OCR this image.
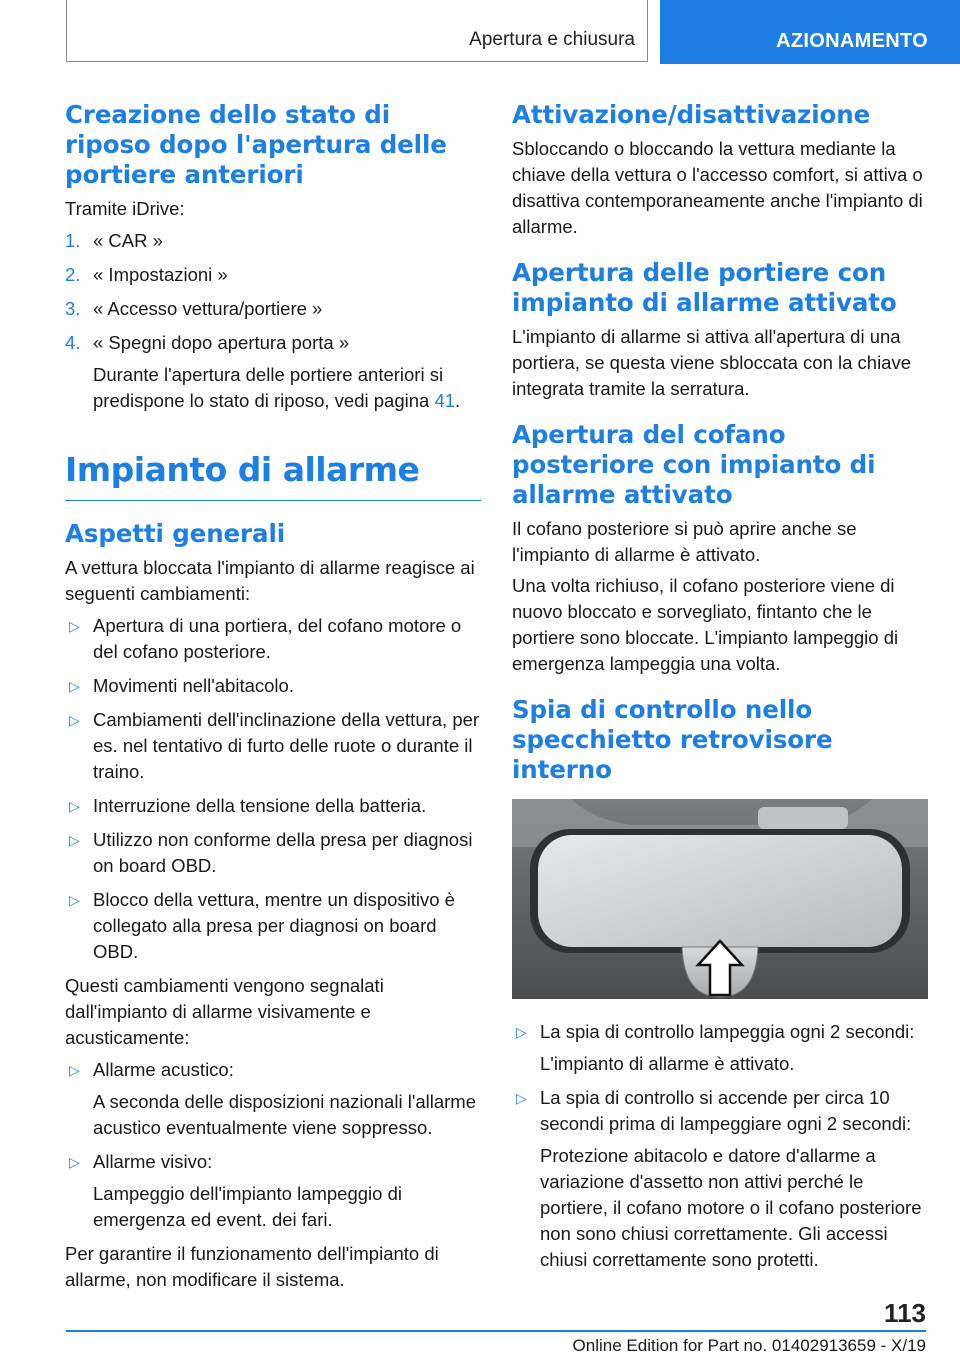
Apertura e chiusura	AZIONAMENTO
Creazione dello stato di riposo dopo l'apertura delle portiere anteriori

Tramite iDrive:

1. « CAR »
2. « Impostazioni »
3. « Accesso vettura/portiere »
4. « Spegni dopo apertura porta »
Durante l'apertura delle portiere anteriori si predispone lo stato di riposo, vedi pagina 41.
Impianto di allarme
Aspetti generali

A vettura bloccata l'impianto di allarme reagisce ai seguenti cambiamenti:

▷ Apertura di una portiera, del cofano motore o del cofano posteriore.
▷ Movimenti nell'abitacolo.
▷ Cambiamenti dell'inclinazione della vettura, per es. nel tentativo di furto delle ruote o durante il traino.
▷ Interruzione della tensione della batteria.
▷ Utilizzo non conforme della presa per diagnosi on board OBD.
▷ Blocco della vettura, mentre un dispositivo è collegato alla presa per diagnosi on board OBD.

Questi cambiamenti vengono segnalati dall'impianto di allarme visivamente e acusticamente:

▷ Allarme acustico:
A seconda delle disposizioni nazionali l'allarme acustico eventualmente viene soppresso.
▷ Allarme visivo:
Lampeggio dell'impianto lampeggio di emergenza ed event. dei fari.

Per garantire il funzionamento dell'impianto di allarme, non modificare il sistema.

Attivazione/disattivazione

Sbloccando o bloccando la vettura mediante la chiave della vettura o l'accesso comfort, si attiva o disattiva contemporaneamente anche l'impianto di allarme.

Apertura delle portiere con impianto di allarme attivato

L'impianto di allarme si attiva all'apertura di una portiera, se questa viene sbloccata con la chiave integrata tramite la serratura.

Apertura del cofano posteriore con impianto di allarme attivato

Il cofano posteriore si può aprire anche se l'impianto di allarme è attivato.

Una volta richiuso, il cofano posteriore viene di nuovo bloccato e sorvegliato, fintanto che le portiere sono bloccate. L'impianto lampeggio di emergenza lampeggia una volta.

Spia di controllo nello specchietto retrovisore interno
▷ La spia di controllo lampeggia ogni 2 secondi:
L'impianto di allarme è attivato.
▷ La spia di controllo si accende per circa 10 secondi prima di lampeggiare ogni 2 secondi:
Protezione abitacolo e datore d'allarme a variazione d'assetto non attivi perché le portiere, il cofano motore o il cofano posteriore non sono chiusi correttamente. Gli accessi chiusi correttamente sono protetti.
113
Online Edition for Part no. 01402913659 - X/19
